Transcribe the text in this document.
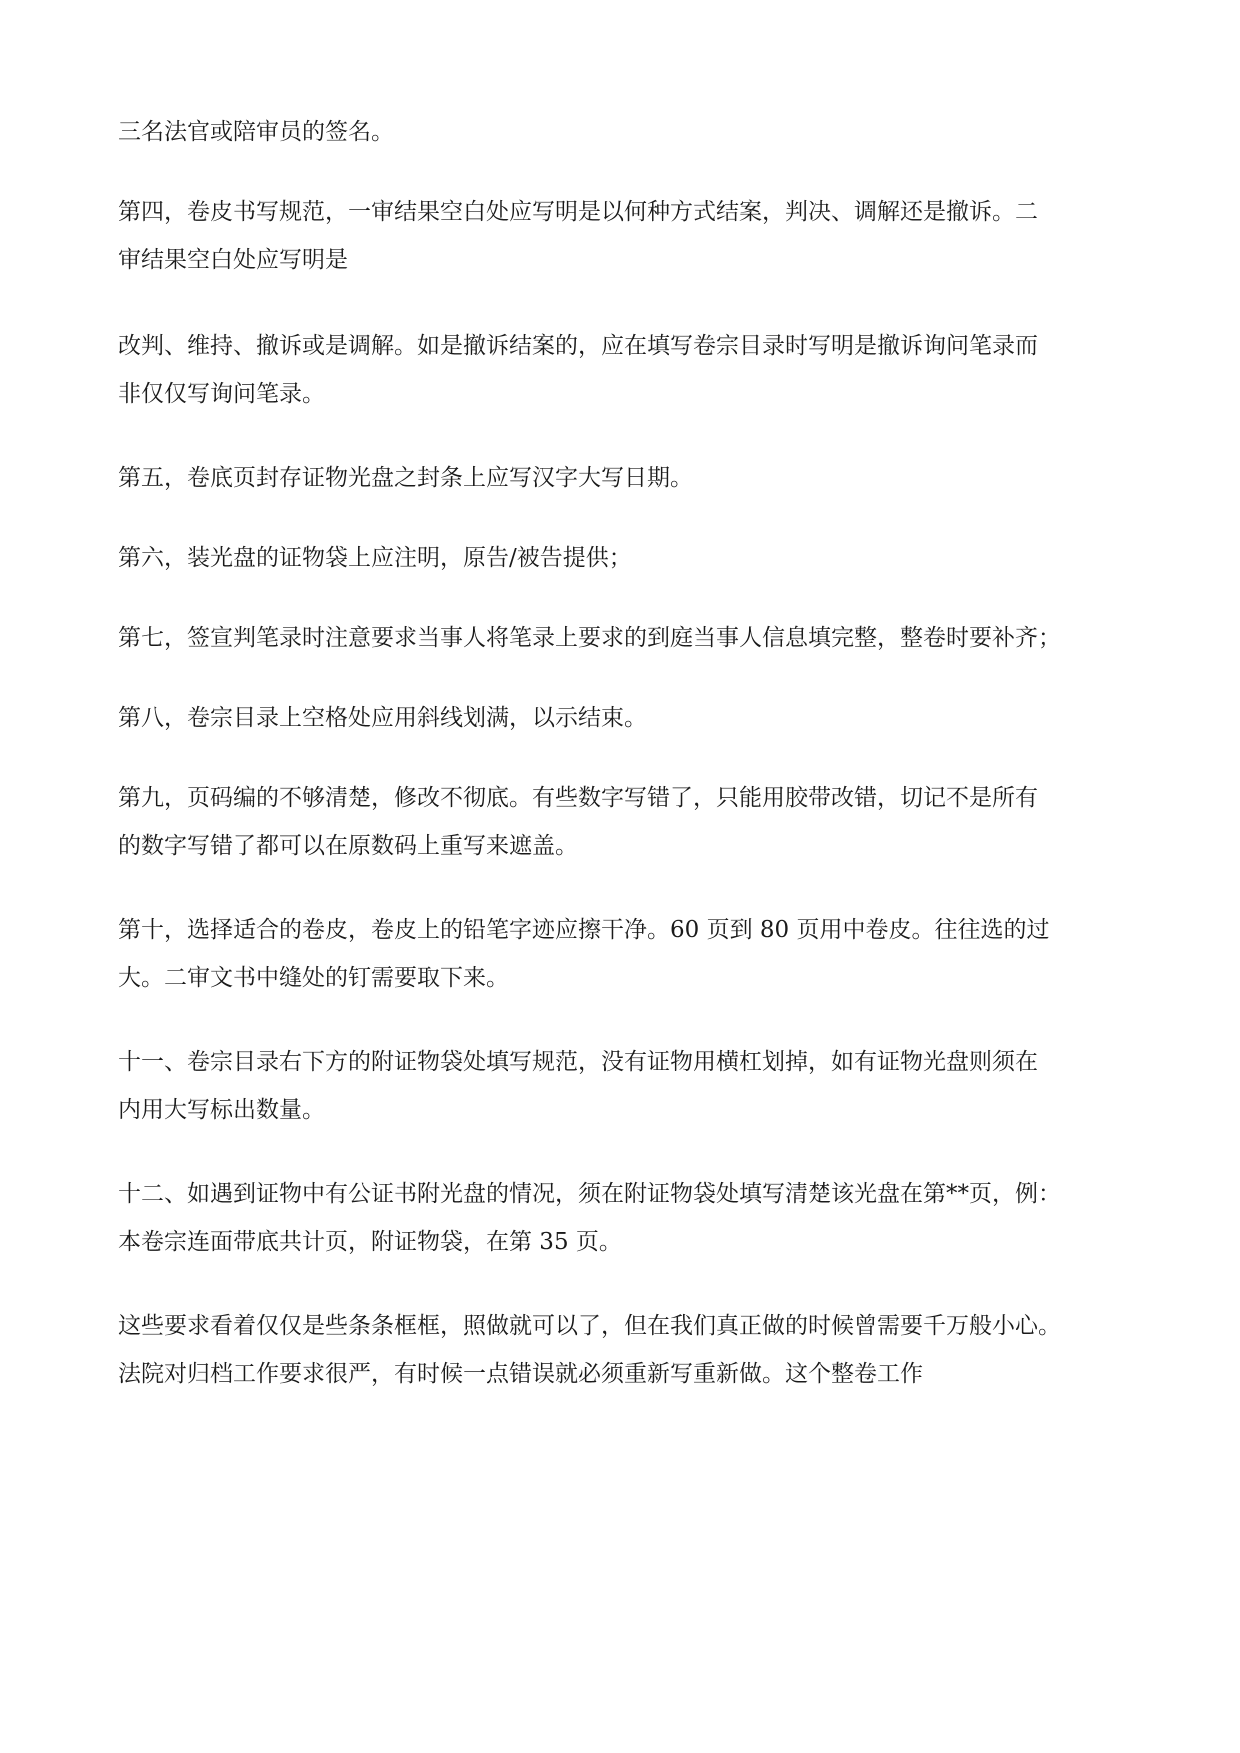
三名法官或陪审员的签名。
第四，卷皮书写规范，一审结果空白处应写明是以何种方式结案，判决、调解还是撤诉。二
审结果空白处应写明是
改判、维持、撤诉或是调解。如是撤诉结案的，应在填写卷宗目录时写明是撤诉询问笔录而
非仅仅写询问笔录。
第五，卷底页封存证物光盘之封条上应写汉字大写日期。
第六，装光盘的证物袋上应注明，原告/被告提供；
第七，签宣判笔录时注意要求当事人将笔录上要求的到庭当事人信息填完整，整卷时要补齐；
第八，卷宗目录上空格处应用斜线划满，以示结束。
第九，页码编的不够清楚，修改不彻底。有些数字写错了，只能用胶带改错，切记不是所有
的数字写错了都可以在原数码上重写来遮盖。
第十，选择适合的卷皮，卷皮上的铅笔字迹应擦干净。60 页到 80 页用中卷皮。往往选的过
大。二审文书中缝处的钉需要取下来。
十一、卷宗目录右下方的附证物袋处填写规范，没有证物用横杠划掉，如有证物光盘则须在
内用大写标出数量。
十二、如遇到证物中有公证书附光盘的情况，须在附证物袋处填写清楚该光盘在第**页，例：
本卷宗连面带底共计页，附证物袋，在第 35 页。
这些要求看着仅仅是些条条框框，照做就可以了，但在我们真正做的时候曾需要千万般小心。
法院对归档工作要求很严，有时候一点错误就必须重新写重新做。这个整卷工作
